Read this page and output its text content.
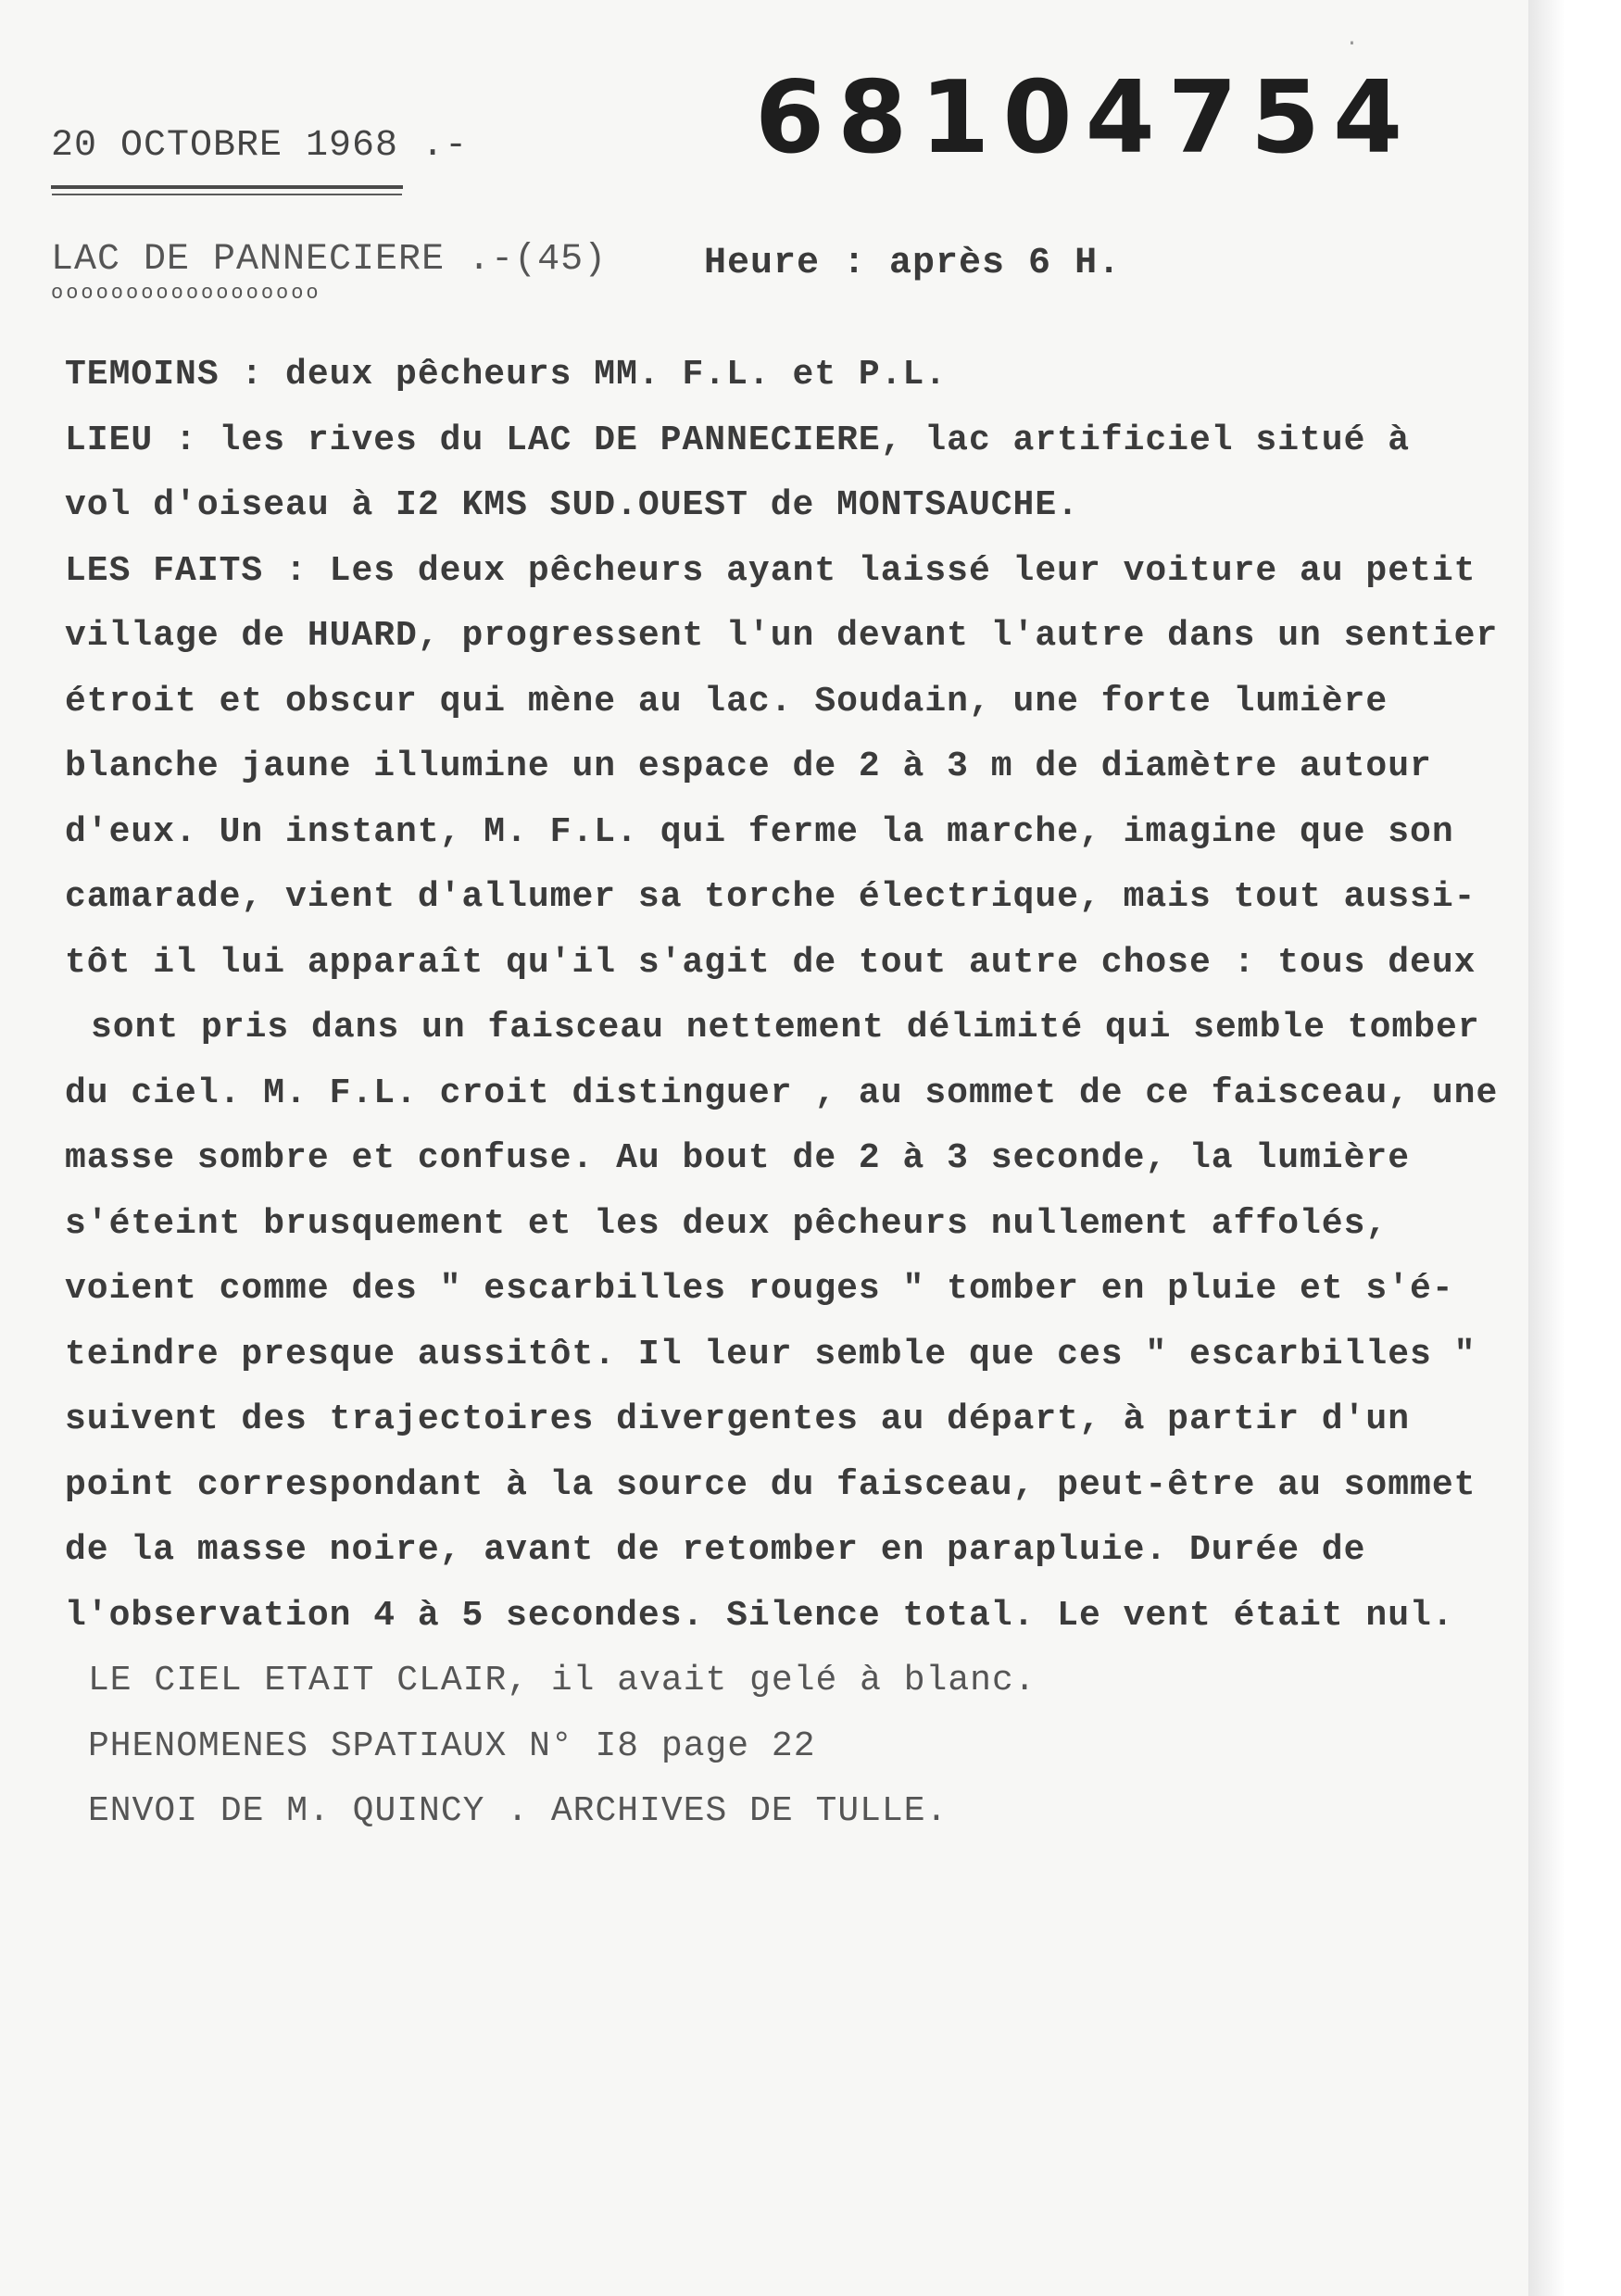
20 OCTOBRE 1968 .-	68104754
LAC DE PANNECIERE .-(45)	Heure : après 6 H.
oooooooooooooooooo
TEMOINS : deux pêcheurs MM. F.L. et P.L.
LIEU : les rives du LAC DE PANNECIERE, lac artificiel situé à
vol d'oiseau à I2 KMS SUD.OUEST de MONTSAUCHE.
LES FAITS : Les deux pêcheurs ayant laissé leur voiture au petit
village de HUARD, progressent l'un devant l'autre dans un sentier
étroit et obscur qui mène au lac. Soudain, une forte lumière
blanche jaune illumine un espace de 2 à 3 m de diamètre autour
d'eux. Un instant, M. F.L. qui ferme la marche, imagine que son
camarade, vient d'allumer sa torche électrique, mais tout aussi-
tôt il lui apparaît qu'il s'agit de tout autre chose : tous deux
sont pris dans un faisceau nettement délimité qui semble tomber
du ciel. M. F.L. croit distinguer , au sommet de ce faisceau, une
masse sombre et confuse. Au bout de 2 à 3 seconde, la lumière
s'éteint brusquement et les deux pêcheurs nullement affolés,
voient comme des " escarbilles rouges " tomber en pluie et s'é-
teindre presque aussitôt. Il leur semble que ces " escarbilles "
suivent des trajectoires divergentes au départ, à partir d'un
point correspondant à la source du faisceau, peut-être au sommet
de la masse noire, avant de retomber en parapluie. Durée de
l'observation 4 à 5 secondes. Silence total. Le vent était nul.
LE CIEL ETAIT CLAIR, il avait gelé à blanc.
PHENOMENES SPATIAUX N° I8 page 22
ENVOI DE M. QUINCY . ARCHIVES DE TULLE.
·
